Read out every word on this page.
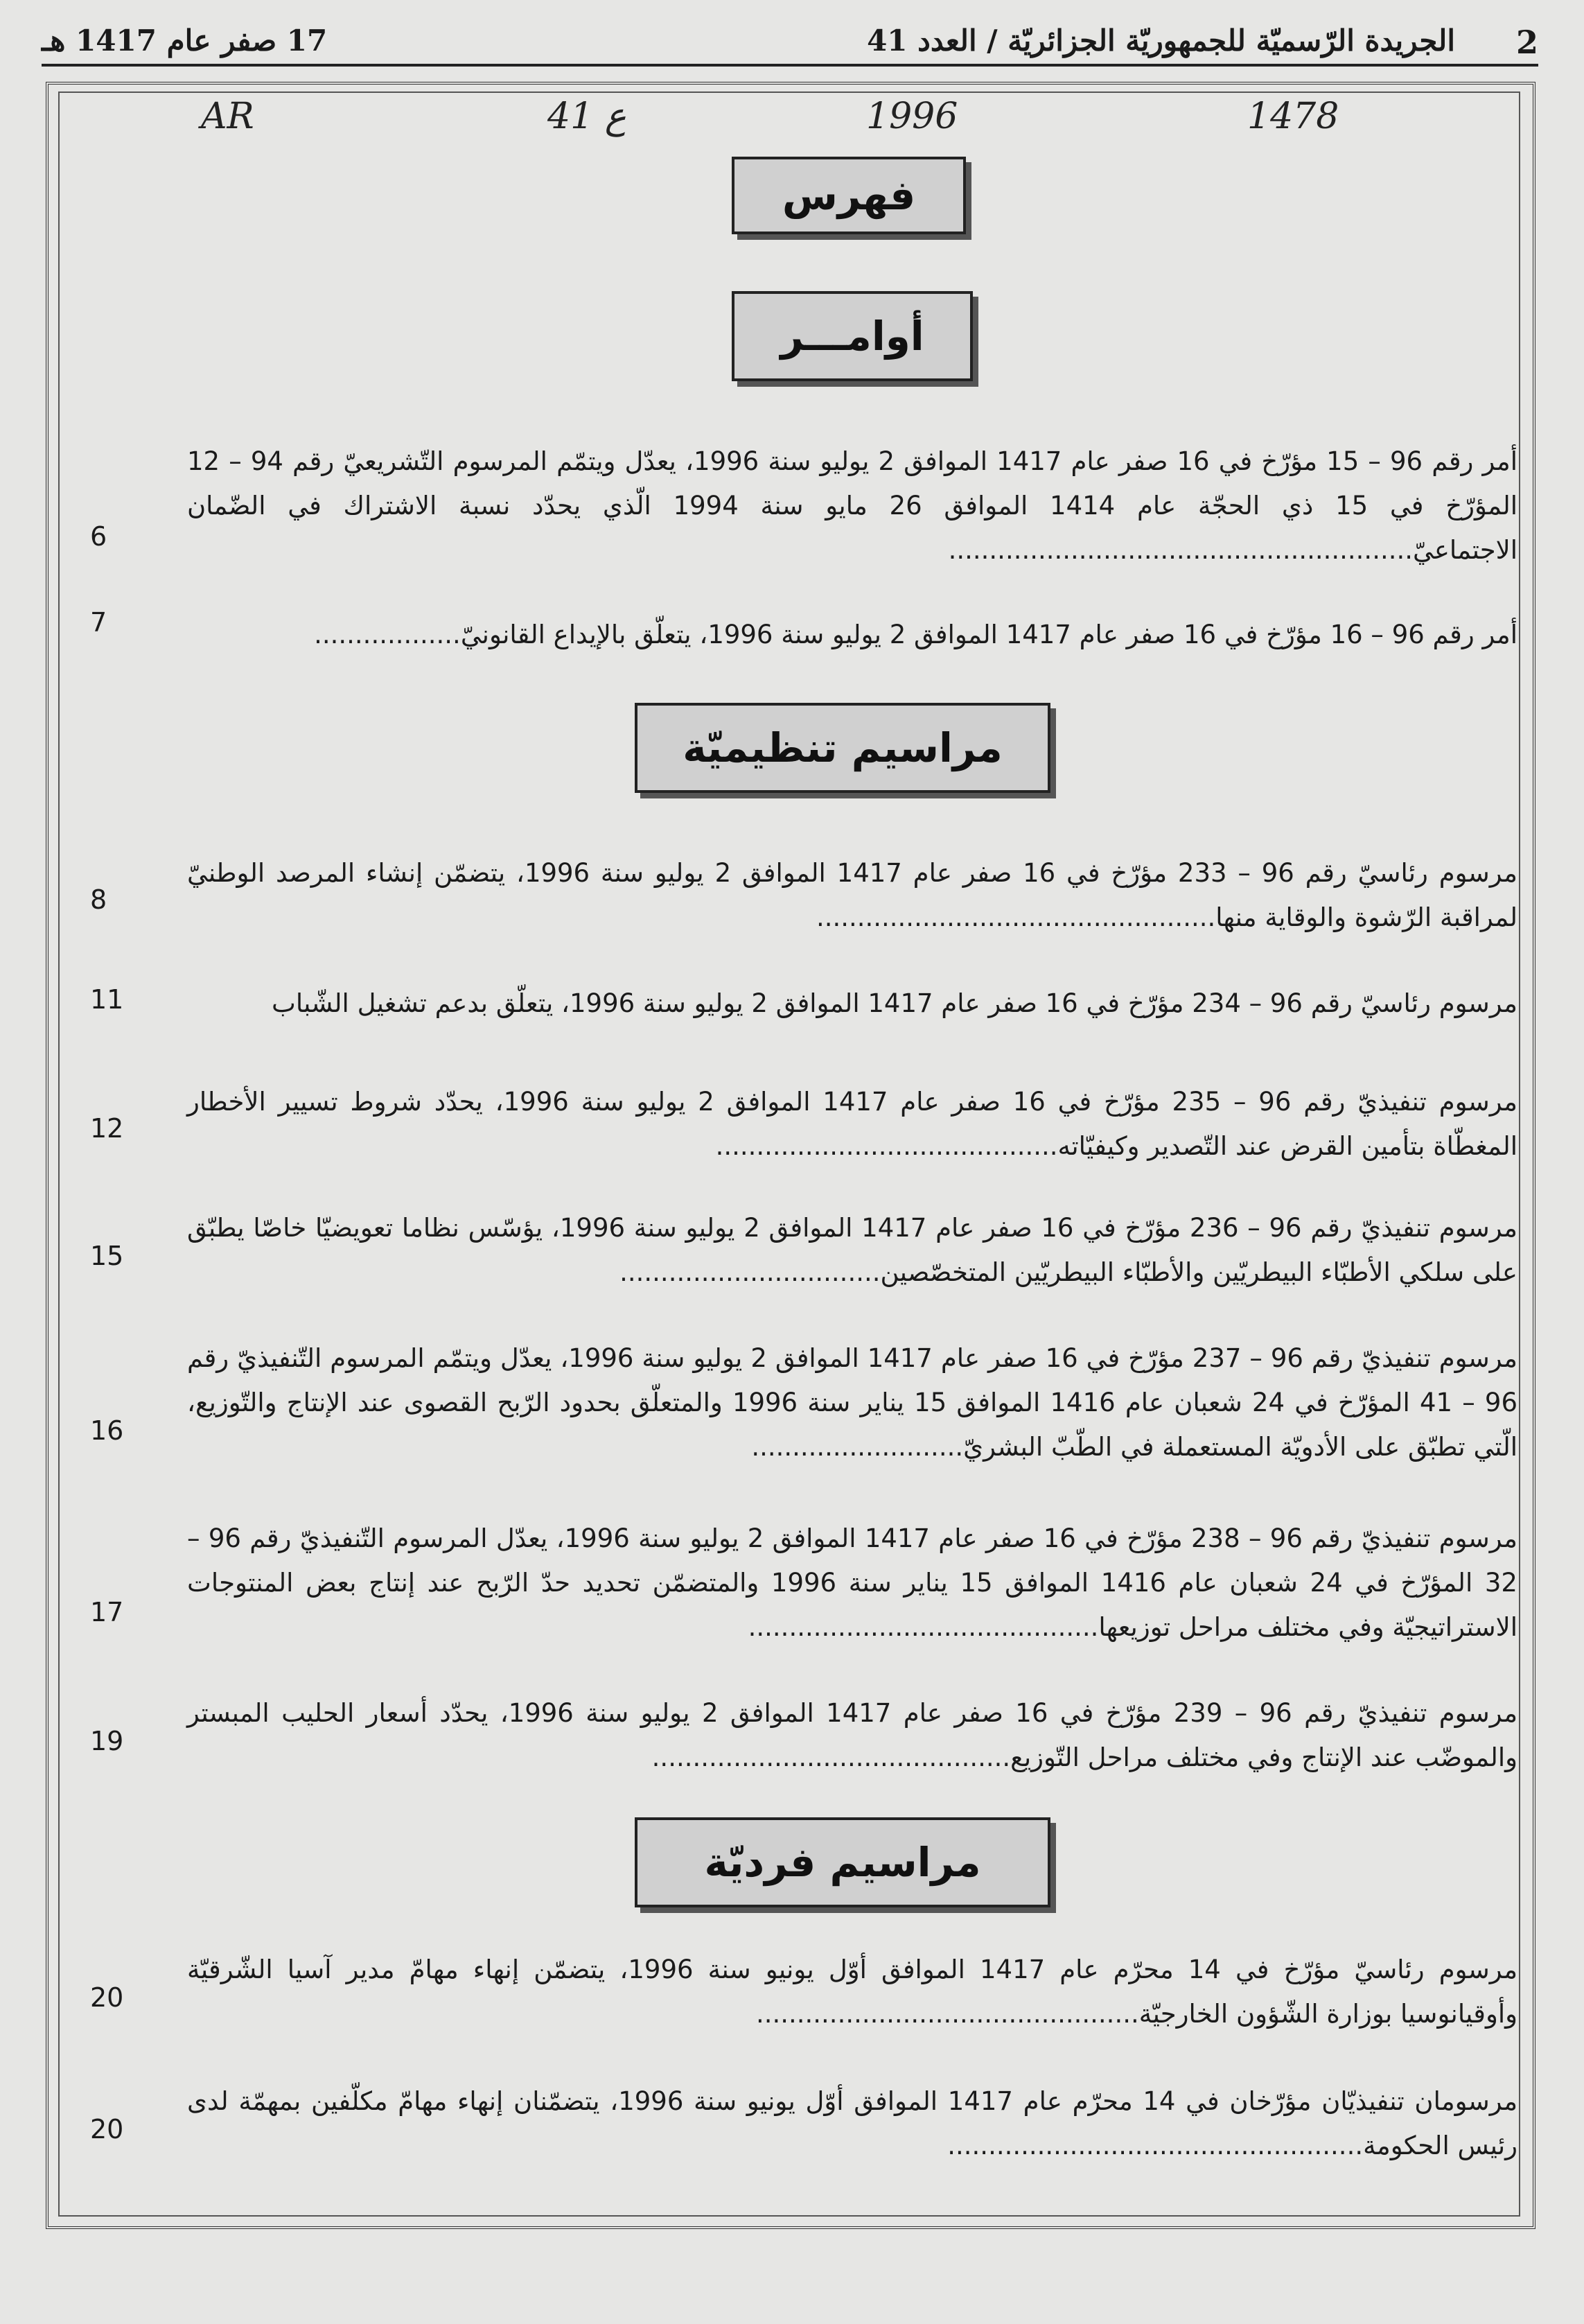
2
الجريدة الرّسميّة للجمهوريّة الجزائريّة / العدد 41
17 صفر عام 1417 هـ
1478
1996
ع 41
AR
فهرس
أوامـــر
مراسيم تنظيميّة
مراسيم فرديّة
أمر رقم 96 – 15 مؤرّخ في 16 صفر عام 1417 الموافق 2 يوليو سنة 1996، يعدّل ويتمّم المرسوم التّشريعيّ رقم 94 – 12 المؤرّخ في 15 ذي الحجّة عام 1414 الموافق 26 مايو سنة 1994 الّذي يحدّد نسبة الاشتراك في الضّمان الاجتماعيّ.........................................................
6
أمر رقم 96 – 16 مؤرّخ في 16 صفر عام 1417 الموافق 2 يوليو سنة 1996، يتعلّق بالإيداع القانونيّ..................
7
مرسوم رئاسيّ رقم 96 – 233 مؤرّخ في 16 صفر عام 1417 الموافق 2 يوليو سنة 1996، يتضمّن إنشاء المرصد الوطنيّ لمراقبة الرّشوة والوقاية منها.................................................
8
مرسوم رئاسيّ رقم 96 – 234 مؤرّخ في 16 صفر عام 1417 الموافق 2 يوليو سنة 1996، يتعلّق بدعم تشغيل الشّباب
11
مرسوم تنفيذيّ رقم 96 – 235 مؤرّخ في 16 صفر عام 1417 الموافق 2 يوليو سنة 1996، يحدّد شروط تسيير الأخطار المغطّاة بتأمين القرض عند التّصدير وكيفيّاته..........................................
12
مرسوم تنفيذيّ رقم 96 – 236 مؤرّخ في 16 صفر عام 1417 الموافق 2 يوليو سنة 1996، يؤسّس نظاما تعويضيّا خاصّا يطبّق على سلكي الأطبّاء البيطريّين والأطبّاء البيطريّين المتخصّصين................................
15
مرسوم تنفيذيّ رقم 96 – 237 مؤرّخ في 16 صفر عام 1417 الموافق 2 يوليو سنة 1996، يعدّل ويتمّم المرسوم التّنفيذيّ رقم 96 – 41 المؤرّخ في 24 شعبان عام 1416 الموافق 15 يناير سنة 1996 والمتعلّق بحدود الرّبح القصوى عند الإنتاج والتّوزيع، الّتي تطبّق على الأدويّة المستعملة في الطّبّ البشريّ..........................
16
مرسوم تنفيذيّ رقم 96 – 238 مؤرّخ في 16 صفر عام 1417 الموافق 2 يوليو سنة 1996، يعدّل المرسوم التّنفيذيّ رقم 96 – 32 المؤرّخ في 24 شعبان عام 1416 الموافق 15 يناير سنة 1996 والمتضمّن تحديد حدّ الرّبح عند إنتاج بعض المنتوجات الاستراتيجيّة وفي مختلف مراحل توزيعها...........................................
17
مرسوم تنفيذيّ رقم 96 – 239 مؤرّخ في 16 صفر عام 1417 الموافق 2 يوليو سنة 1996، يحدّد أسعار الحليب المبستر والموضّب عند الإنتاج وفي مختلف مراحل التّوزيع............................................
19
مرسوم رئاسيّ مؤرّخ في 14 محرّم عام 1417 الموافق أوّل يونيو سنة 1996، يتضمّن إنهاء مهامّ مدير آسيا الشّرقيّة وأوقيانوسيا بوزارة الشّؤون الخارجيّة...............................................
20
مرسومان تنفيذيّان مؤرّخان في 14 محرّم عام 1417 الموافق أوّل يونيو سنة 1996، يتضمّنان إنهاء مهامّ مكلّفين بمهمّة لدى رئيس الحكومة...................................................
20
